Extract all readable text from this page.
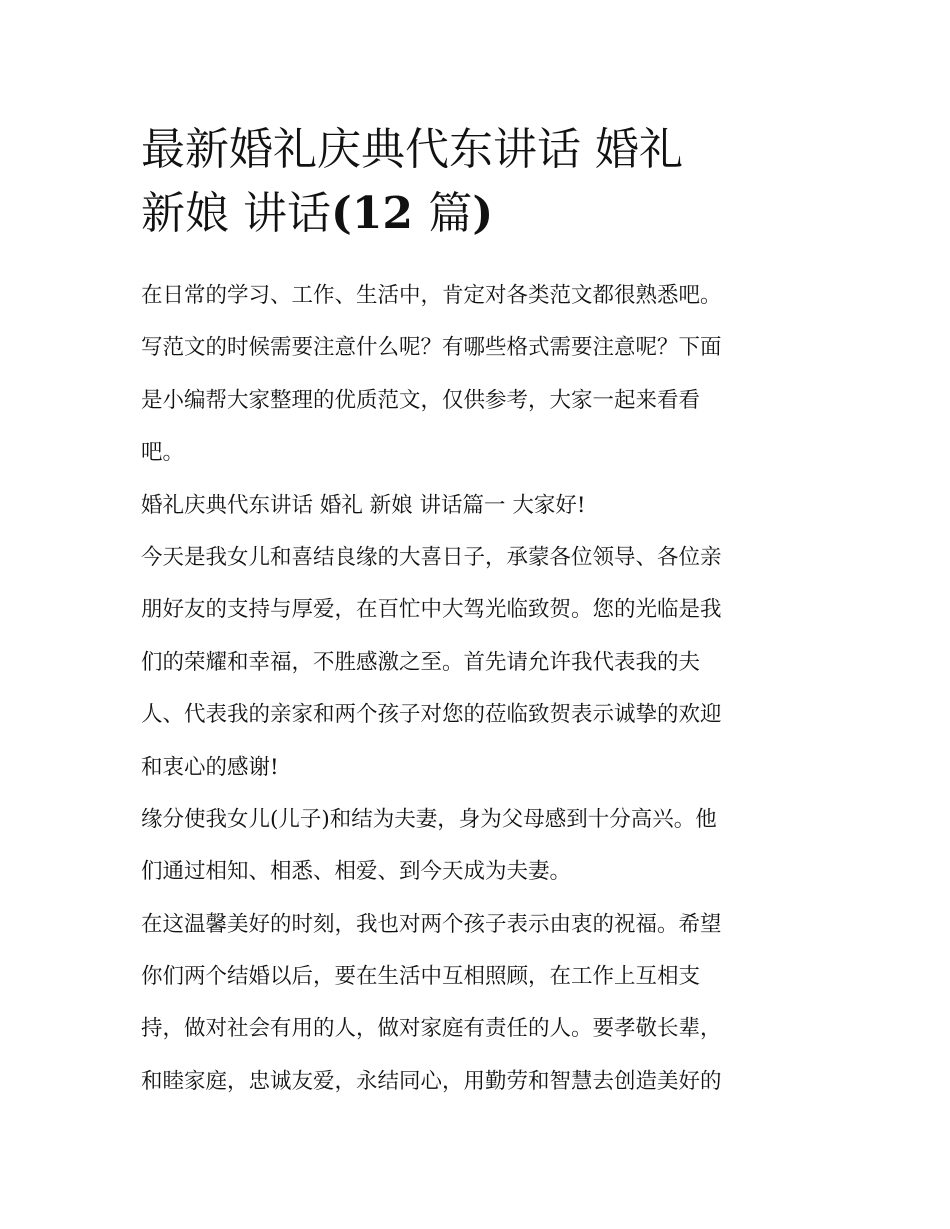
最新婚礼庆典代东讲话 婚礼
新娘 讲话(12 篇)
在日常的学习、工作、生活中，肯定对各类范文都很熟悉吧。
写范文的时候需要注意什么呢？有哪些格式需要注意呢？下面
是小编帮大家整理的优质范文，仅供参考，大家一起来看看
吧。
婚礼庆典代东讲话 婚礼 新娘 讲话篇一 大家好!
今天是我女儿和喜结良缘的大喜日子，承蒙各位领导、各位亲
朋好友的支持与厚爱，在百忙中大驾光临致贺。您的光临是我
们的荣耀和幸福，不胜感激之至。首先请允许我代表我的夫
人、代表我的亲家和两个孩子对您的莅临致贺表示诚挚的欢迎
和衷心的感谢!
缘分使我女儿(儿子)和结为夫妻，身为父母感到十分高兴。他
们通过相知、相悉、相爱、到今天成为夫妻。
在这温馨美好的时刻，我也对两个孩子表示由衷的祝福。希望
你们两个结婚以后，要在生活中互相照顾，在工作上互相支
持，做对社会有用的人，做对家庭有责任的人。要孝敬长辈，
和睦家庭，忠诚友爱，永结同心，用勤劳和智慧去创造美好的
